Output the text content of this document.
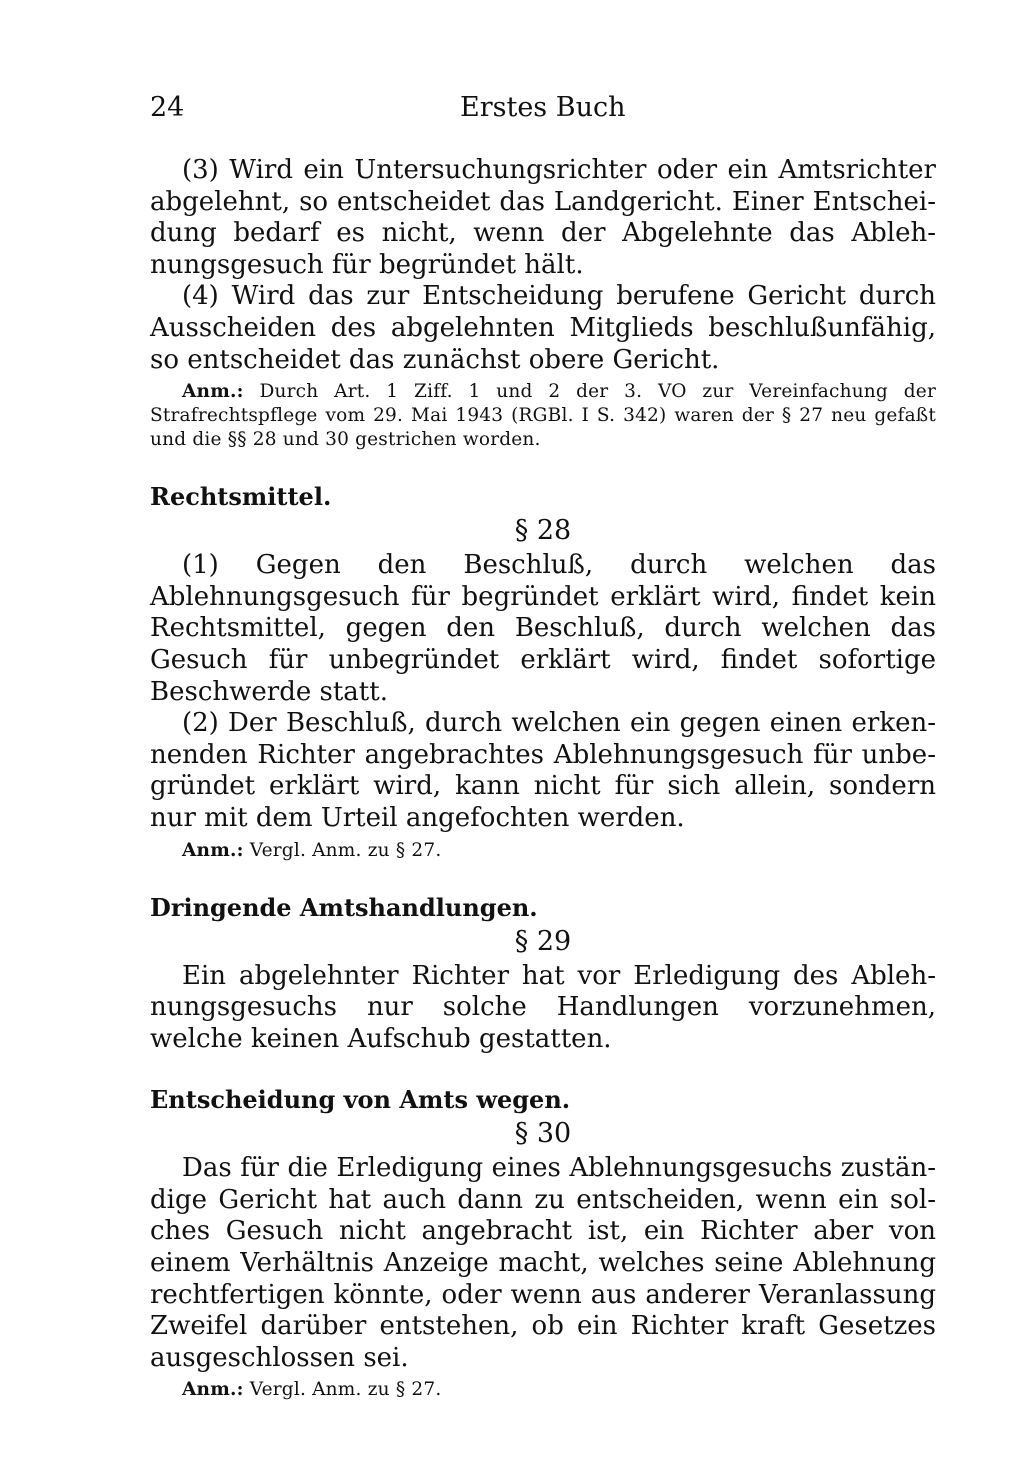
24	Erstes Buch

(3) Wird ein Untersuchungsrichter oder ein Amtsrichter abgelehnt, so entscheidet das Landgericht. Einer Entscheidung bedarf es nicht, wenn der Abgelehnte das Ablehnungsgesuch für begründet hält.

(4) Wird das zur Entscheidung berufene Gericht durch Ausscheiden des abgelehnten Mitglieds beschlußunfähig, so entscheidet das zunächst obere Gericht.

Anm.: Durch Art. 1 Ziff. 1 und 2 der 3. VO zur Vereinfachung der Strafrechtspflege vom 29. Mai 1943 (RGBl. I S. 342) waren der § 27 neu gefaßt und die §§ 28 und 30 gestrichen worden.

Rechtsmittel.

§ 28

(1) Gegen den Beschluß, durch welchen das Ablehnungsgesuch für begründet erklärt wird, findet kein Rechtsmittel, gegen den Beschluß, durch welchen das Gesuch für unbegründet erklärt wird, findet sofortige Beschwerde statt.

(2) Der Beschluß, durch welchen ein gegen einen erkennenden Richter angebrachtes Ablehnungsgesuch für unbegründet erklärt wird, kann nicht für sich allein, sondern nur mit dem Urteil angefochten werden.

Anm.: Vergl. Anm. zu § 27.

Dringende Amtshandlungen.

§ 29

Ein abgelehnter Richter hat vor Erledigung des Ablehnungsgesuchs nur solche Handlungen vorzunehmen, welche keinen Aufschub gestatten.

Entscheidung von Amts wegen.

§ 30

Das für die Erledigung eines Ablehnungsgesuchs zuständige Gericht hat auch dann zu entscheiden, wenn ein solches Gesuch nicht angebracht ist, ein Richter aber von einem Verhältnis Anzeige macht, welches seine Ablehnung rechtfertigen könnte, oder wenn aus anderer Veranlassung Zweifel darüber entstehen, ob ein Richter kraft Gesetzes ausgeschlossen sei.

Anm.: Vergl. Anm. zu § 27.
